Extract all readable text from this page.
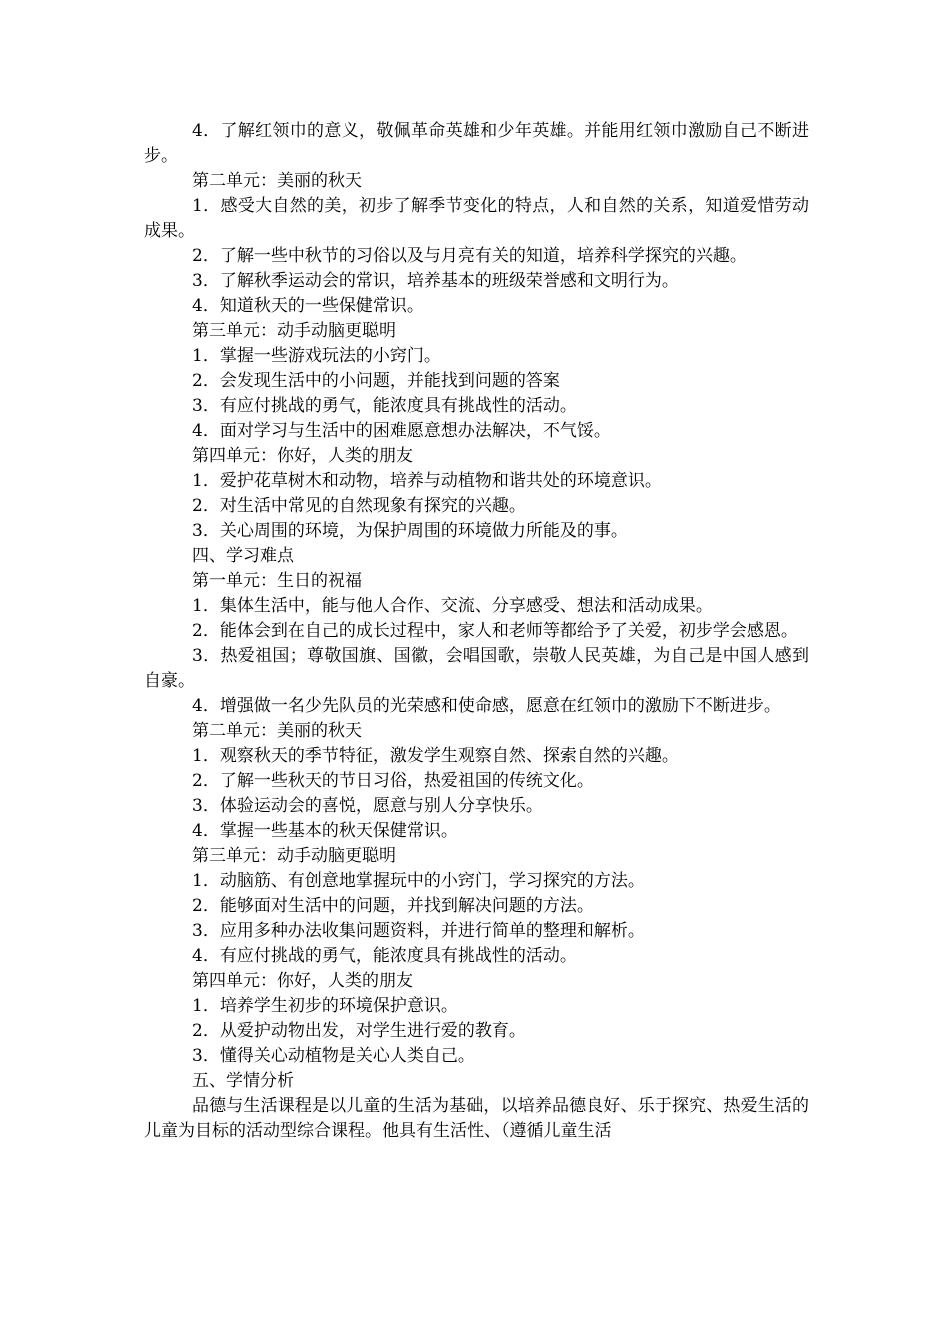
4．了解红领巾的意义，敬佩革命英雄和少年英雄。并能用红领巾激励自己不断进步。

第二单元：美丽的秋天

1．感受大自然的美，初步了解季节变化的特点，人和自然的关系，知道爱惜劳动成果。

2．了解一些中秋节的习俗以及与月亮有关的知道，培养科学探究的兴趣。

3．了解秋季运动会的常识，培养基本的班级荣誉感和文明行为。

4．知道秋天的一些保健常识。

第三单元：动手动脑更聪明

1．掌握一些游戏玩法的小窍门。

2．会发现生活中的小问题，并能找到问题的答案

3．有应付挑战的勇气，能浓度具有挑战性的活动。

4．面对学习与生活中的困难愿意想办法解决，不气馁。

第四单元：你好，人类的朋友

1．爱护花草树木和动物，培养与动植物和谐共处的环境意识。

2．对生活中常见的自然现象有探究的兴趣。

3．关心周围的环境，为保护周围的环境做力所能及的事。

四、学习难点

第一单元：生日的祝福

1．集体生活中，能与他人合作、交流、分享感受、想法和活动成果。

2．能体会到在自己的成长过程中，家人和老师等都给予了关爱，初步学会感恩。

3．热爱祖国；尊敬国旗、国徽，会唱国歌，崇敬人民英雄，为自己是中国人感到自豪。

4．增强做一名少先队员的光荣感和使命感，愿意在红领巾的激励下不断进步。

第二单元：美丽的秋天

1．观察秋天的季节特征，激发学生观察自然、探索自然的兴趣。

2．了解一些秋天的节日习俗，热爱祖国的传统文化。

3．体验运动会的喜悦，愿意与别人分享快乐。

4．掌握一些基本的秋天保健常识。

第三单元：动手动脑更聪明

1．动脑筋、有创意地掌握玩中的小窍门，学习探究的方法。

2．能够面对生活中的问题，并找到解决问题的方法。

3．应用多种办法收集问题资料，并进行简单的整理和解析。

4．有应付挑战的勇气，能浓度具有挑战性的活动。

第四单元：你好，人类的朋友

1．培养学生初步的环境保护意识。

2．从爱护动物出发，对学生进行爱的教育。

3．懂得关心动植物是关心人类自己。

五、学情分析

品德与生活课程是以儿童的生活为基础，以培养品德良好、乐于探究、热爱生活的儿童为目标的活动型综合课程。他具有生活性、（遵循儿童生活
